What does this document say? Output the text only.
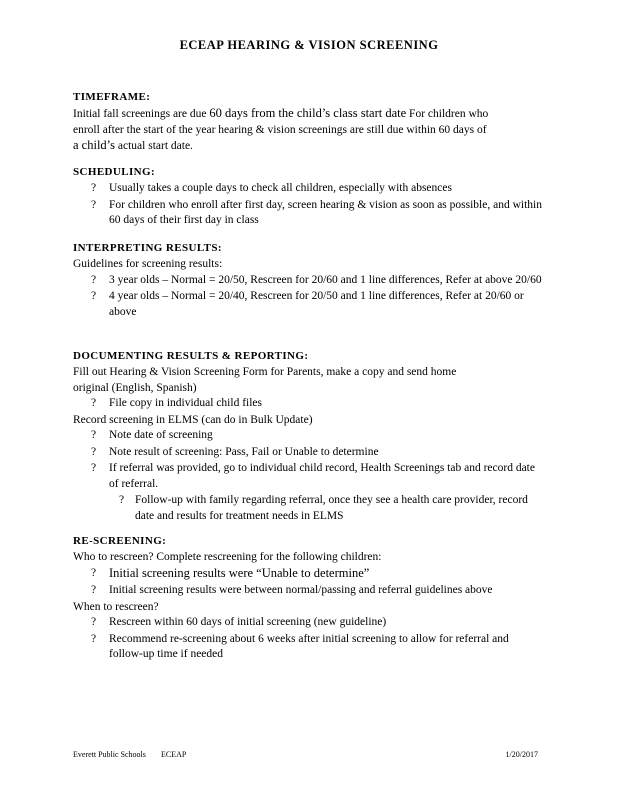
ECEAP HEARING & VISION SCREENING
TIMEFRAME:
Initial fall screenings are due 60 days from the child’s class start date For children who
enroll after the start of the year hearing & vision screenings are still due within 60 days of
a child’s actual start date.
SCHEDULING:
? Usually takes a couple days to check all children, especially with absences
? For children who enroll after first day, screen hearing & vision as soon as possible, and within 60 days of their first day in class
INTERPRETING RESULTS:
Guidelines for screening results:
? 3 year olds – Normal = 20/50, Rescreen for 20/60 and 1 line differences, Refer at above 20/60
? 4 year olds – Normal = 20/40, Rescreen for 20/50 and 1 line differences, Refer at 20/60 or above
DOCUMENTING RESULTS & REPORTING:
Fill out Hearing & Vision Screening Form for Parents, make a copy and send home
original (English, Spanish)
? File copy in individual child files
Record screening in ELMS (can do in Bulk Update)
? Note date of screening
? Note result of screening: Pass, Fail or Unable to determine
? If referral was provided, go to individual child record, Health Screenings tab and record date of referral.
? Follow-up with family regarding referral, once they see a health care provider, record date and results for treatment needs in ELMS
RE-SCREENING:
Who to rescreen? Complete rescreening for the following children:
? Initial screening results were “Unable to determine”
? Initial screening results were between normal/passing and referral guidelines above
When to rescreen?
? Rescreen within 60 days of initial screening (new guideline)
? Recommend re-screening about 6 weeks after initial screening to allow for referral and follow-up time if needed
Everett Public Schools ECEAP	1/20/2017
